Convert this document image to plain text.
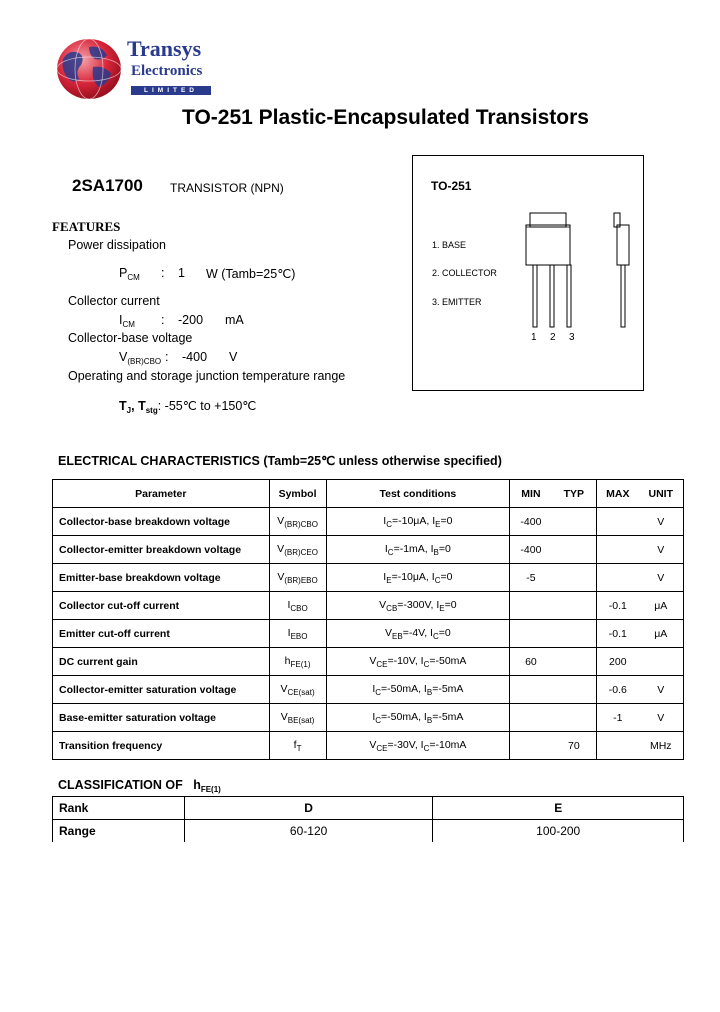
Transys
Electronics
LIMITED
TO-251 Plastic-Encapsulated Transistors
2SA1700 TRANSISTOR (NPN)
FEATURES
Power dissipation
$P_{CM}$ : 1 W (Tamb=25℃)
Collector current
$I_{CM}$ : -200 mA
Collector-base voltage
$V_{(BR)CBO}$ : -400 V
Operating and storage junction temperature range
$T_J$, $T_{stg}$: -55℃ to +150℃
TO-251
1. BASE
2. COLLECTOR
3. EMITTER
1 2 3
ELECTRICAL CHARACTERISTICS (Tamb=25℃ unless otherwise specified)
Parameter	Symbol	Test conditions	MIN	TYP	MAX	UNIT
Collector-base breakdown voltage	$V_{(BR)CBO}$	$I_C=-10\mu A$, $I_E=0$	-400			V
Collector-emitter breakdown voltage	$V_{(BR)CEO}$	$I_C=-1mA$, $I_B=0$	-400			V
Emitter-base breakdown voltage	$V_{(BR)EBO}$	$I_E=-10\mu A$, $I_C=0$	-5			V
Collector cut-off current	$I_{CBO}$	$V_{CB}=-300V$, $I_E=0$			-0.1	μA
Emitter cut-off current	$I_{EBO}$	$V_{EB}=-4V$, $I_C=0$			-0.1	μA
DC current gain	$h_{FE(1)}$	$V_{CE}=-10V$, $I_C=-50mA$	60		200	
Collector-emitter saturation voltage	$V_{CE(sat)}$	$I_C=-50mA$, $I_B=-5mA$			-0.6	V
Base-emitter saturation voltage	$V_{BE(sat)}$	$I_C=-50mA$, $I_B=-5mA$			-1	V
Transition frequency	$f_T$	$V_{CE}=-30V$, $I_C=-10mA$		70		MHz
CLASSIFICATION OF $h_{FE(1)}$
Rank	D	E
Range	60-120	100-200
